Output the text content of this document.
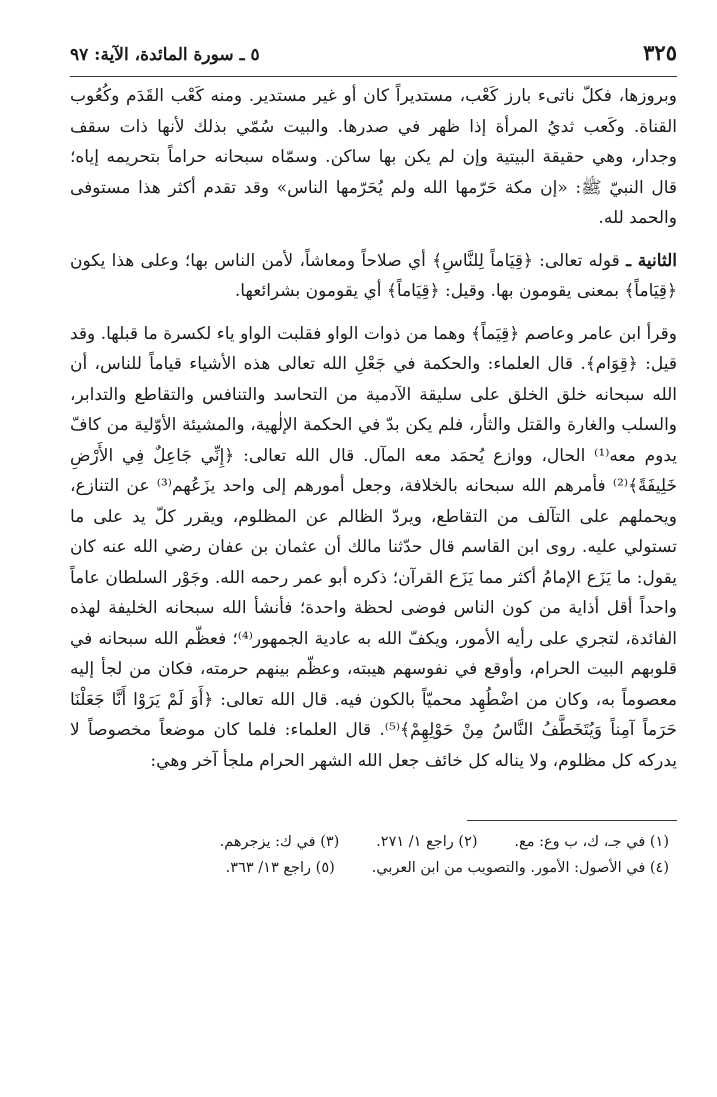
٣٢٥
٥ ـ سورة المائدة، الآية: ٩٧

وبروزها، فكلّ ناتىء بارز كَعْب، مستديراً كان أو غير مستدير. ومنه كَعْب القَدَم وكُعُوب القناة. وكَعب ثديُ المرأة إذا ظهر في صدرها. والبيت سُمّي بذلك لأنها ذات سقف وجدار، وهي حقيقة البيتية وإن لم يكن بها ساكن. وسمّاه سبحانه حراماً بتحريمه إياه؛ قال النبيّ ﷺ: «إن مكة حَرّمها الله ولم يُحَرّمها الناس» وقد تقدم أكثر هذا مستوفى والحمد لله.

الثانية ـ قوله تعالى: ﴿قِيَاماً لِلنَّاسِ﴾ أي صلاحاً ومعاشاً، لأمن الناس بها؛ وعلى هذا يكون ﴿قِيَاماً﴾ بمعنى يقومون بها. وقيل: ﴿قِيَاماً﴾ أي يقومون بشرائعها.

وقرأ ابن عامر وعاصم ﴿قِيَماً﴾ وهما من ذوات الواو فقلبت الواو ياء لكسرة ما قبلها. وقد قيل: ﴿قِوَام﴾. قال العلماء: والحكمة في جَعْلِ الله تعالى هذه الأشياء قياماً للناس، أن الله سبحانه خلق الخلق على سليقة الآدمية من التحاسد والتنافس والتقاطع والتدابر، والسلب والغارة والقتل والثأر، فلم يكن بدّ في الحكمة الإلٰهية، والمشيئة الأوّلية من كافّ يدوم معه⁽¹⁾ الحال، ووازع يُحمَد معه المآل. قال الله تعالى: ﴿إِنِّي جَاعِلٌ فِي الأَرْضِ خَلِيفَةً﴾⁽²⁾ فأمرهم الله سبحانه بالخلافة، وجعل أمورهم إلى واحد يزَعُهم⁽³⁾ عن التنازع، ويحملهم على التآلف من التقاطع، ويردّ الظالم عن المظلوم، ويقرر كلّ يد على ما تستولي عليه. روى ابن القاسم قال حدّثنا مالك أن عثمان بن عفان رضي الله عنه كان يقول: ما يَزَع الإمامُ أكثر مما يَزَع القرآن؛ ذكره أبو عمر رحمه الله. وجَوْر السلطان عاماً واحداً أقل أذاية من كون الناس فوضى لحظة واحدة؛ فأنشأ الله سبحانه الخليفة لهذه الفائدة، لتجري على رأيه الأمور، ويكفّ الله به عادية الجمهور⁽⁴⁾؛ فعظّم الله سبحانه في قلوبهم البيت الحرام، وأوقع في نفوسهم هيبته، وعظّم بينهم حرمته، فكان من لجأ إليه معصوماً به، وكان من اضْطُهِد محميّاً بالكون فيه. قال الله تعالى: ﴿أَوَ لَمْ يَرَوْا أَنَّا جَعَلْنَا حَرَماً آمِناً وَيُتَخَطَّفُ النَّاسُ مِنْ حَوْلِهِمْ﴾⁽⁵⁾. قال العلماء: فلما كان موضعاً مخصوصاً لا يدركه كل مظلوم، ولا يناله كل خائف جعل الله الشهر الحرام ملجأ آخر وهي:

(١) في جـ، ك، ب وع: مع.        (٢) راجع ١/ ٢٧١.        (٣) في ك: يزجرهم.

(٤) في الأصول: الأمور. والتصويب من ابن العربي.        (٥) راجع ١٣/ ٣٦٣.
